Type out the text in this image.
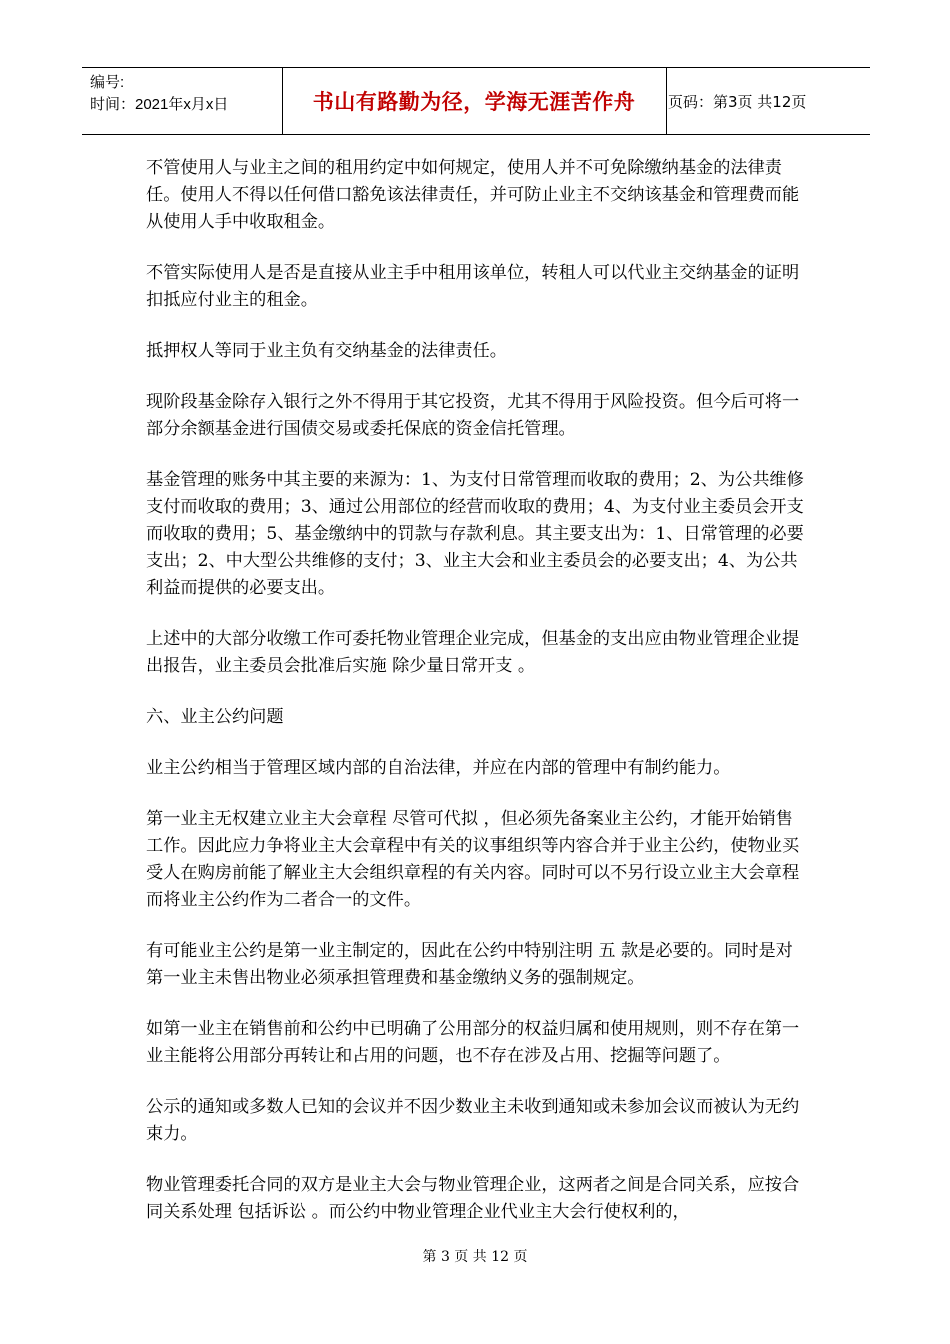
编号:
时间：2021年x月x日	书山有路勤为径，学海无涯苦作舟	页码：第3页 共12页

不管使用人与业主之间的租用约定中如何规定，使用人并不可免除缴纳基金的法律责任。使用人不得以任何借口豁免该法律责任，并可防止业主不交纳该基金和管理费而能从使用人手中收取租金。

不管实际使用人是否是直接从业主手中租用该单位，转租人可以代业主交纳基金的证明扣抵应付业主的租金。

抵押权人等同于业主负有交纳基金的法律责任。

现阶段基金除存入银行之外不得用于其它投资，尤其不得用于风险投资。但今后可将一部分余额基金进行国债交易或委托保底的资金信托管理。

基金管理的账务中其主要的来源为：1、为支付日常管理而收取的费用；2、为公共维修支付而收取的费用；3、通过公用部位的经营而收取的费用；4、为支付业主委员会开支而收取的费用；5、基金缴纳中的罚款与存款利息。其主要支出为：1、日常管理的必要支出；2、中大型公共维修的支付；3、业主大会和业主委员会的必要支出；4、为公共利益而提供的必要支出。

上述中的大部分收缴工作可委托物业管理企业完成，但基金的支出应由物业管理企业提出报告，业主委员会批准后实施 除少量日常开支 。

六、业主公约问题

业主公约相当于管理区域内部的自治法律，并应在内部的管理中有制约能力。

第一业主无权建立业主大会章程 尽管可代拟 ，但必须先备案业主公约，才能开始销售工作。因此应力争将业主大会章程中有关的议事组织等内容合并于业主公约，使物业买受人在购房前能了解业主大会组织章程的有关内容。同时可以不另行设立业主大会章程 而将业主公约作为二者合一的文件。

有可能业主公约是第一业主制定的，因此在公约中特别注明 五 款是必要的。同时是对第一业主未售出物业必须承担管理费和基金缴纳义务的强制规定。

如第一业主在销售前和公约中已明确了公用部分的权益归属和使用规则，则不存在第一业主能将公用部分再转让和占用的问题，也不存在涉及占用、挖掘等问题了。

公示的通知或多数人已知的会议并不因少数业主未收到通知或未参加会议而被认为无约束力。

物业管理委托合同的双方是业主大会与物业管理企业，这两者之间是合同关系，应按合同关系处理 包括诉讼 。而公约中物业管理企业代业主大会行使权利的，

第 3 页 共 12 页
